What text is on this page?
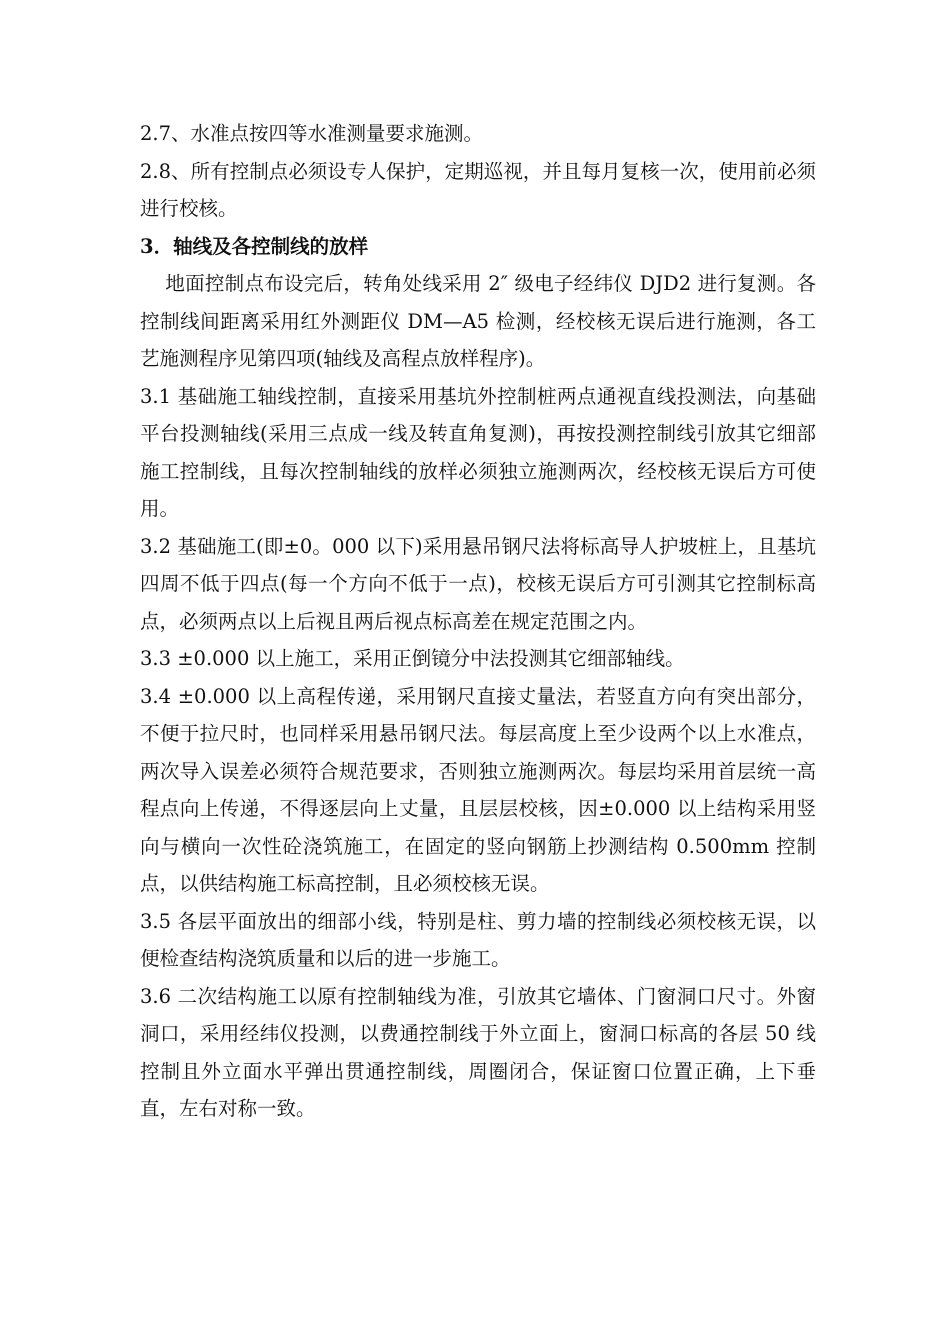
2.7、水准点按四等水准测量要求施测。

2.8、所有控制点必须设专人保护，定期巡视，并且每月复核一次，使用前必须进行校核。

3．轴线及各控制线的放样

地面控制点布设完后，转角处线采用 2″ 级电子经纬仪 DJD2 进行复测。各控制线间距离采用红外测距仪 DM—A5 检测，经校核无误后进行施测，各工艺施测程序见第四项(轴线及高程点放样程序)。

3.1 基础施工轴线控制，直接采用基坑外控制桩两点通视直线投测法，向基础平台投测轴线(采用三点成一线及转直角复测)，再按投测控制线引放其它细部施工控制线，且每次控制轴线的放样必须独立施测两次，经校核无误后方可使用。

3.2 基础施工(即±0。000 以下)采用悬吊钢尺法将标高导人护坡桩上，且基坑四周不低于四点(每一个方向不低于一点)，校核无误后方可引测其它控制标高点，必须两点以上后视且两后视点标高差在规定范围之内。

3.3 ±0.000 以上施工，采用正倒镜分中法投测其它细部轴线。

3.4 ±0.000 以上高程传递，采用钢尺直接丈量法，若竖直方向有突出部分，不便于拉尺时，也同样采用悬吊钢尺法。每层高度上至少设两个以上水准点，两次导入误差必须符合规范要求，否则独立施测两次。每层均采用首层统一高程点向上传递，不得逐层向上丈量，且层层校核，因±0.000 以上结构采用竖向与横向一次性砼浇筑施工，在固定的竖向钢筋上抄测结构 0.500mm 控制点，以供结构施工标高控制，且必须校核无误。

3.5 各层平面放出的细部小线，特别是柱、剪力墙的控制线必须校核无误，以便检查结构浇筑质量和以后的进一步施工。

3.6 二次结构施工以原有控制轴线为准，引放其它墙体、门窗洞口尺寸。外窗洞口，采用经纬仪投测，以费通控制线于外立面上，窗洞口标高的各层 50 线控制且外立面水平弹出贯通控制线，周圈闭合，保证窗口位置正确，上下垂直，左右对称一致。
